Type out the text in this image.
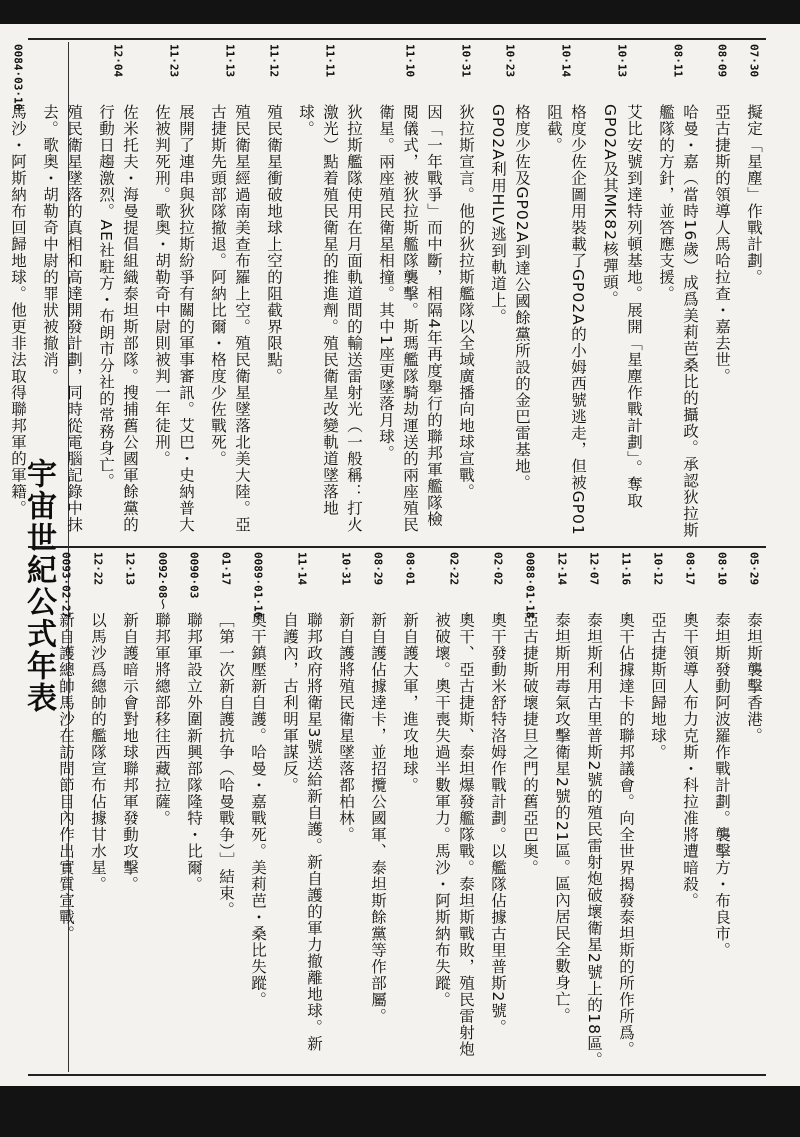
宇宙世紀公式年表
07·30
擬定「星塵」作戰計劃。
08·09
亞古捷斯的領導人馬哈拉查・嘉去世。
08·11
哈曼・嘉（當時16歲）成爲美莉芭桑比的攝政。承認狄拉斯艦隊的方針，並答應支援。
10·13
艾比安號到達特列頓基地。展開「星塵作戰計劃」。奪取GP02A及其MK82核彈頭。
10·14
格度少佐企圖用裝載了GP02A的小姆西號逃走，但被GP01阻截。
10·23
格度少佐及GP02A到達公國餘黨所設的金巴雷基地。GP02A利用HLV逃到軌道上。
10·31
狄拉斯宣言。他的狄拉斯艦隊以全域廣播向地球宣戰。
11·10
因「一年戰爭」而中斷，相隔4年再度舉行的聯邦軍艦隊檢閱儀式，被狄拉斯艦隊襲擊。斯瑪艦隊騎劫運送的兩座殖民衛星。兩座殖民衛星相撞。其中1座更墜落月球。
11·11
狄拉斯艦隊使用在月面軌道間的輸送雷射光（一般稱：打火激光）點着殖民衛星的推進劑。殖民衛星改變軌道墜落地球。
11·12
殖民衛星衝破地球上空的阻截界限點。
11·13
殖民衛星經過南美查布羅上空。殖民衛星墜落北美大陸。亞古捷斯先頭部隊撤退。阿納比爾・格度少佐戰死。
11·23
展開了連串與狄拉斯紛爭有關的軍事審訊。艾巴・史納普大佐被判死刑。歌奥・胡勒奇中尉則被判一年徒刑。
12·04
佐米托夫・海曼提倡組織泰坦斯部隊。搜捕舊公國軍餘黨的行動日趨激烈。AE社駐方・布朗市分社的常務身亡。
殖民衛星墜落的真相和高達開發計劃，同時從電腦記錄中抹去。歌奥・胡勒奇中尉的罪狀被撤消。
0084·03·10
馬沙・阿斯納布回歸地球。他更非法取得聯邦軍的軍籍。
05·29
泰坦斯襲擊香港。
08·10
泰坦斯發動阿波羅作戰計劃。襲擊方・布良市。
08·17
奧干領導人布力克斯・科拉准將遭暗殺。
10·12
亞古捷斯回歸地球。
11·16
奧干佔據達卡的聯邦議會。向全世界揭發泰坦斯的所作所爲。
12·07
泰坦斯利用古里普斯2號的殖民雷射炮破壞衛星2號上的18區。
12·14
泰坦斯用毒氣攻擊衛星2號的21區。區內居民全數身亡。
0088·01·18
亞古捷斯破壞捷旦之門的舊亞巴奥。
02·02
奧干發動米舒特洛姆作戰計劃。以艦隊佔據古里普斯2號。
02·22
奧干、亞古捷斯、泰坦爆發艦隊戰。泰坦斯戰敗，殖民雷射炮被破壞。奧干喪失過半數軍力。馬沙・阿斯納布失蹤。
08·01
新自護大軍，進攻地球。
08·29
新自護佔據達卡，並招攬公國軍、泰坦斯餘黨等作部屬。
10·31
新自護將殖民衛星墜落都柏林。
11·14
聯邦政府將衛星3號送給新自護。新自護的軍力撤離地球。新自護內，古利明軍謀反。
0089·01·16
奧干鎮壓新自護。哈曼・嘉戰死。美莉芭・桑比失蹤。
01·17
［第一次新自護抗争（哈曼戰争）］結束。
0090·03
聯邦軍設立外圍新興部隊隆特・比爾。
0092·08～
聯邦軍將總部移往西藏拉薩。
12·13
新自護暗示會對地球聯邦軍發動攻擊。
12·22
以馬沙爲總帥的艦隊宣布佔據甘水星。
0093·02·27
新自護總帥馬沙在訪問節目內作出實質宣戰。
